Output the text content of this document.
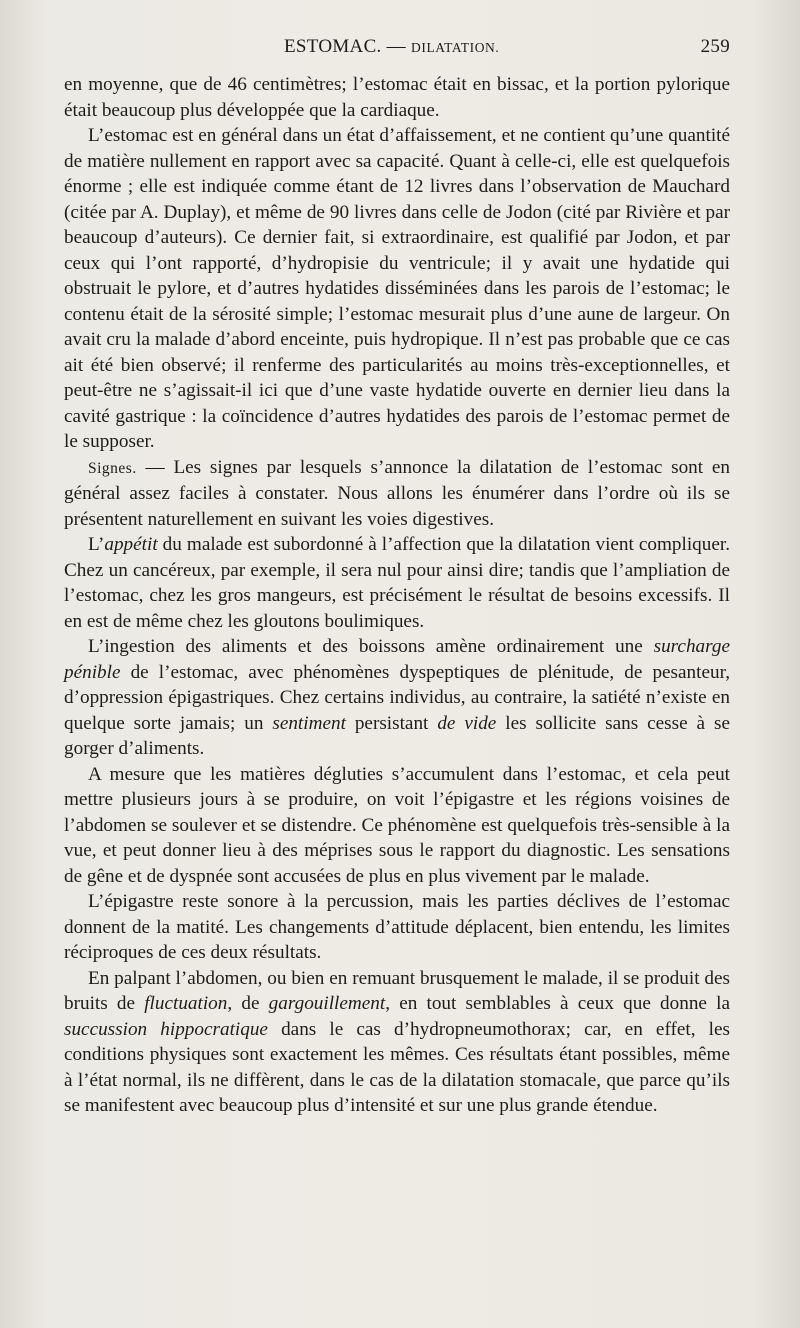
ESTOMAC. — DILATATION.	259

en moyenne, que de 46 centimètres; l’estomac était en bissac, et la portion pylorique était beaucoup plus développée que la cardiaque.

L’estomac est en général dans un état d’affaissement, et ne contient qu’une quantité de matière nullement en rapport avec sa capacité. Quant à celle-ci, elle est quelquefois énorme ; elle est indiquée comme étant de 12 livres dans l’observation de Mauchard (citée par A. Duplay), et même de 90 livres dans celle de Jodon (cité par Rivière et par beaucoup d’auteurs). Ce dernier fait, si extraordinaire, est qualifié par Jodon, et par ceux qui l’ont rapporté, d’hydropisie du ventricule; il y avait une hydatide qui obstruait le pylore, et d’autres hydatides disséminées dans les parois de l’estomac; le contenu était de la sérosité simple; l’estomac mesurait plus d’une aune de largeur. On avait cru la malade d’abord enceinte, puis hydropique. Il n’est pas probable que ce cas ait été bien observé; il renferme des particularités au moins très-exceptionnelles, et peut-être ne s’agissait-il ici que d’une vaste hydatide ouverte en dernier lieu dans la cavité gastrique : la coïncidence d’autres hydatides des parois de l’estomac permet de le supposer.

Signes. — Les signes par lesquels s’annonce la dilatation de l’estomac sont en général assez faciles à constater. Nous allons les énumérer dans l’ordre où ils se présentent naturellement en suivant les voies digestives.

L’appétit du malade est subordonné à l’affection que la dilatation vient compliquer. Chez un cancéreux, par exemple, il sera nul pour ainsi dire; tandis que l’ampliation de l’estomac, chez les gros mangeurs, est précisément le résultat de besoins excessifs. Il en est de même chez les gloutons boulimiques.

L’ingestion des aliments et des boissons amène ordinairement une surcharge pénible de l’estomac, avec phénomènes dyspeptiques de plénitude, de pesanteur, d’oppression épigastriques. Chez certains individus, au contraire, la satiété n’existe en quelque sorte jamais; un sentiment persistant de vide les sollicite sans cesse à se gorger d’aliments.

A mesure que les matières dégluties s’accumulent dans l’estomac, et cela peut mettre plusieurs jours à se produire, on voit l’épigastre et les régions voisines de l’abdomen se soulever et se distendre. Ce phénomène est quelquefois très-sensible à la vue, et peut donner lieu à des méprises sous le rapport du diagnostic. Les sensations de gêne et de dyspnée sont accusées de plus en plus vivement par le malade.

L’épigastre reste sonore à la percussion, mais les parties déclives de l’estomac donnent de la matité. Les changements d’attitude déplacent, bien entendu, les limites réciproques de ces deux résultats.

En palpant l’abdomen, ou bien en remuant brusquement le malade, il se produit des bruits de fluctuation, de gargouillement, en tout semblables à ceux que donne la succussion hippocratique dans le cas d’hydropneumothorax; car, en effet, les conditions physiques sont exactement les mêmes. Ces résultats étant possibles, même à l’état normal, ils ne diffèrent, dans le cas de la dilatation stomacale, que parce qu’ils se manifestent avec beaucoup plus d’intensité et sur une plus grande étendue.
